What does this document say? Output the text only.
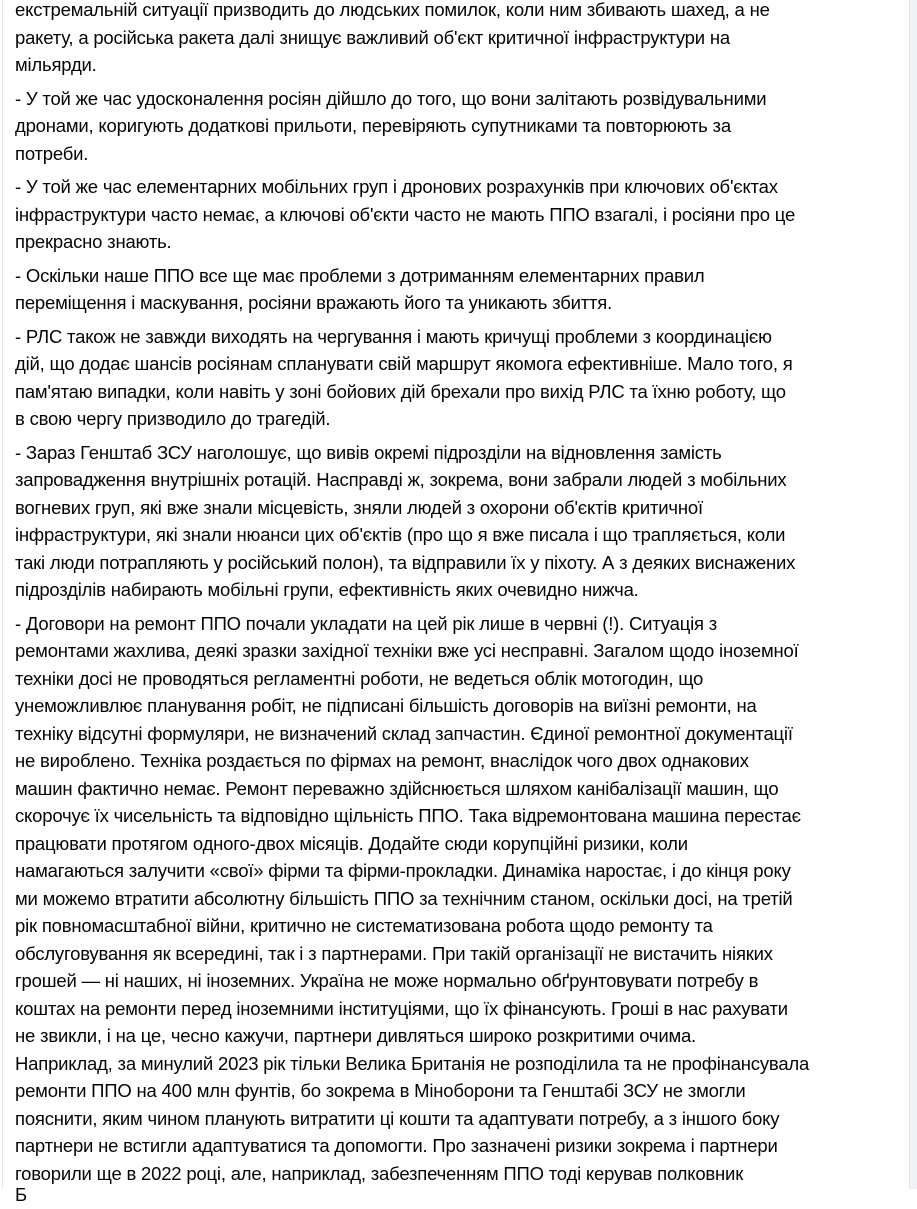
екстремальній ситуації призводить до людських помилок, коли ним збивають шахед, а не
ракету, а російська ракета далі знищує важливий об'єкт критичної інфраструктури на
мільярди.

- У той же час удосконалення росіян дійшло до того, що вони залітають розвідувальними
дронами, коригують додаткові прильоти, перевіряють супутниками та повторюють за
потреби.

- У той же час елементарних мобільних груп і дронових розрахунків при ключових об'єктах
інфраструктури часто немає, а ключові об'єкти часто не мають ППО взагалі, і росіяни про це
прекрасно знають.

- Оскільки наше ППО все ще має проблеми з дотриманням елементарних правил
переміщення і маскування, росіяни вражають його та уникають збиття.

- РЛС також не завжди виходять на чергування і мають кричущі проблеми з координацією
дій, що додає шансів росіянам спланувати свій маршрут якомога ефективніше. Мало того, я
пам'ятаю випадки, коли навіть у зоні бойових дій брехали про вихід РЛС та їхню роботу, що
в свою чергу призводило до трагедій.

- Зараз Генштаб ЗСУ наголошує, що вивів окремі підрозділи на відновлення замість
запровадження внутрішніх ротацій. Насправді ж, зокрема, вони забрали людей з мобільних
вогневих груп, які вже знали місцевість, зняли людей з охорони об'єктів критичної
інфраструктури, які знали нюанси цих об'єктів (про що я вже писала і що трапляється, коли
такі люди потрапляють у російський полон), та відправили їх у піхоту. А з деяких виснажених
підрозділів набирають мобільні групи, ефективність яких очевидно нижча.

- Договори на ремонт ППО почали укладати на цей рік лише в червні (!). Ситуація з
ремонтами жахлива, деякі зразки західної техніки вже усі несправні. Загалом щодо іноземної
техніки досі не проводяться регламентні роботи, не ведеться облік мотогодин, що
унеможливлює планування робіт, не підписані більшість договорів на виїзні ремонти, на
техніку відсутні формуляри, не визначений склад запчастин. Єдиної ремонтної документації
не вироблено. Техніка роздається по фірмах на ремонт, внаслідок чого двох однакових
машин фактично немає. Ремонт переважно здійснюється шляхом канібалізації машин, що
скорочує їх чисельність та відповідно щільність ППО. Така відремонтована машина перестає
працювати протягом одного-двох місяців. Додайте сюди корупційні ризики, коли
намагаються залучити «свої» фірми та фірми-прокладки. Динаміка наростає, і до кінця року
ми можемо втратити абсолютну більшість ППО за технічним станом, оскільки досі, на третій
рік повномасштабної війни, критично не систематизована робота щодо ремонту та
обслуговування як всередині, так і з партнерами. При такій організації не вистачить ніяких
грошей — ні наших, ні іноземних. Україна не може нормально обґрунтовувати потребу в
коштах на ремонти перед іноземними інституціями, що їх фінансують. Гроші в нас рахувати
не звикли, і на це, чесно кажучи, партнери дивляться широко розкритими очима.
Наприклад, за минулий 2023 рік тільки Велика Британія не розподілила та не профінансувала
ремонти ППО на 400 млн фунтів, бо зокрема в Міноборони та Генштабі ЗСУ не змогли
пояснити, яким чином планують витратити ці кошти та адаптувати потребу, а з іншого боку
партнери не встигли адаптуватися та допомогти. Про зазначені ризики зокрема і партнери
говорили ще в 2022 році, але, наприклад, забезпеченням ППО тоді керував полковник

Б
